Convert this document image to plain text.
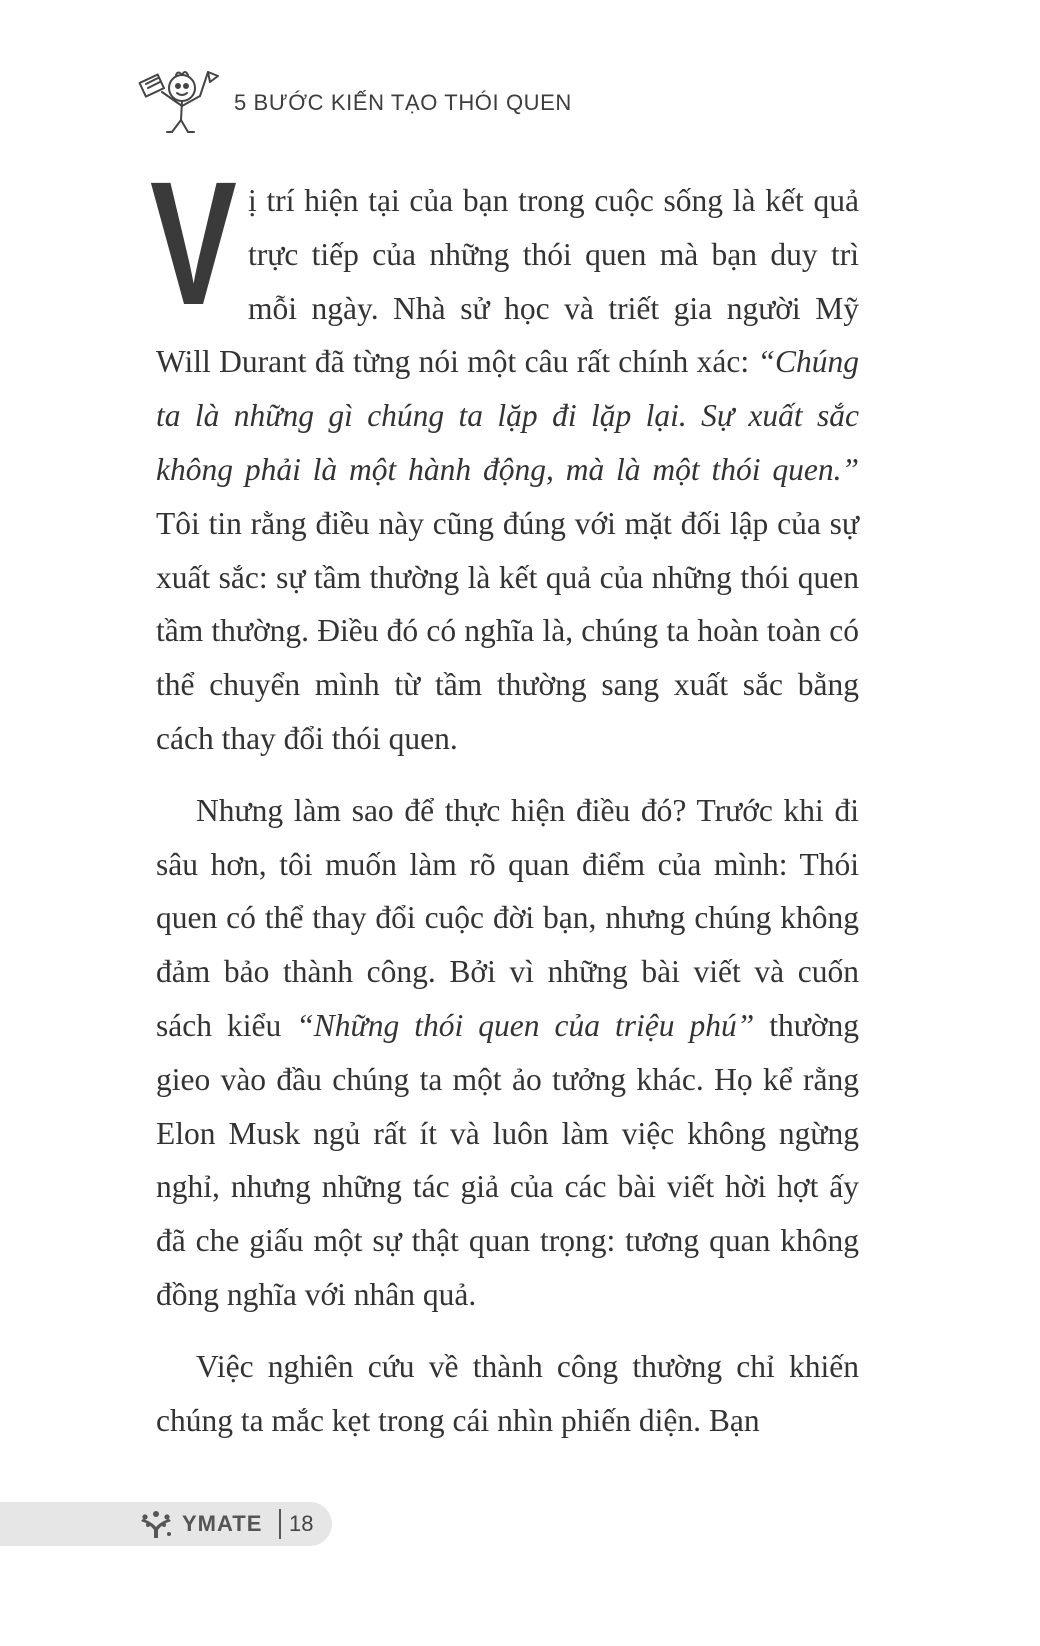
5 BƯỚC KIẾN TẠO THÓI QUEN

V ị trí hiện tại của bạn trong cuộc sống là kết quả trực tiếp của những thói quen mà bạn duy trì mỗi ngày. Nhà sử học và triết gia người Mỹ Will Durant đã từng nói một câu rất chính xác: “Chúng ta là những gì chúng ta lặp đi lặp lại. Sự xuất sắc không phải là một hành động, mà là một thói quen.” Tôi tin rằng điều này cũng đúng với mặt đối lập của sự xuất sắc: sự tầm thường là kết quả của những thói quen tầm thường. Điều đó có nghĩa là, chúng ta hoàn toàn có thể chuyển mình từ tầm thường sang xuất sắc bằng cách thay đổi thói quen.

Nhưng làm sao để thực hiện điều đó? Trước khi đi sâu hơn, tôi muốn làm rõ quan điểm của mình: Thói quen có thể thay đổi cuộc đời bạn, nhưng chúng không đảm bảo thành công. Bởi vì những bài viết và cuốn sách kiểu “Những thói quen của triệu phú” thường gieo vào đầu chúng ta một ảo tưởng khác. Họ kể rằng Elon Musk ngủ rất ít và luôn làm việc không ngừng nghỉ, nhưng những tác giả của các bài viết hời hợt ấy đã che giấu một sự thật quan trọng: tương quan không đồng nghĩa với nhân quả.

Việc nghiên cứu về thành công thường chỉ khiến chúng ta mắc kẹt trong cái nhìn phiến diện. Bạn

YMATE 18
